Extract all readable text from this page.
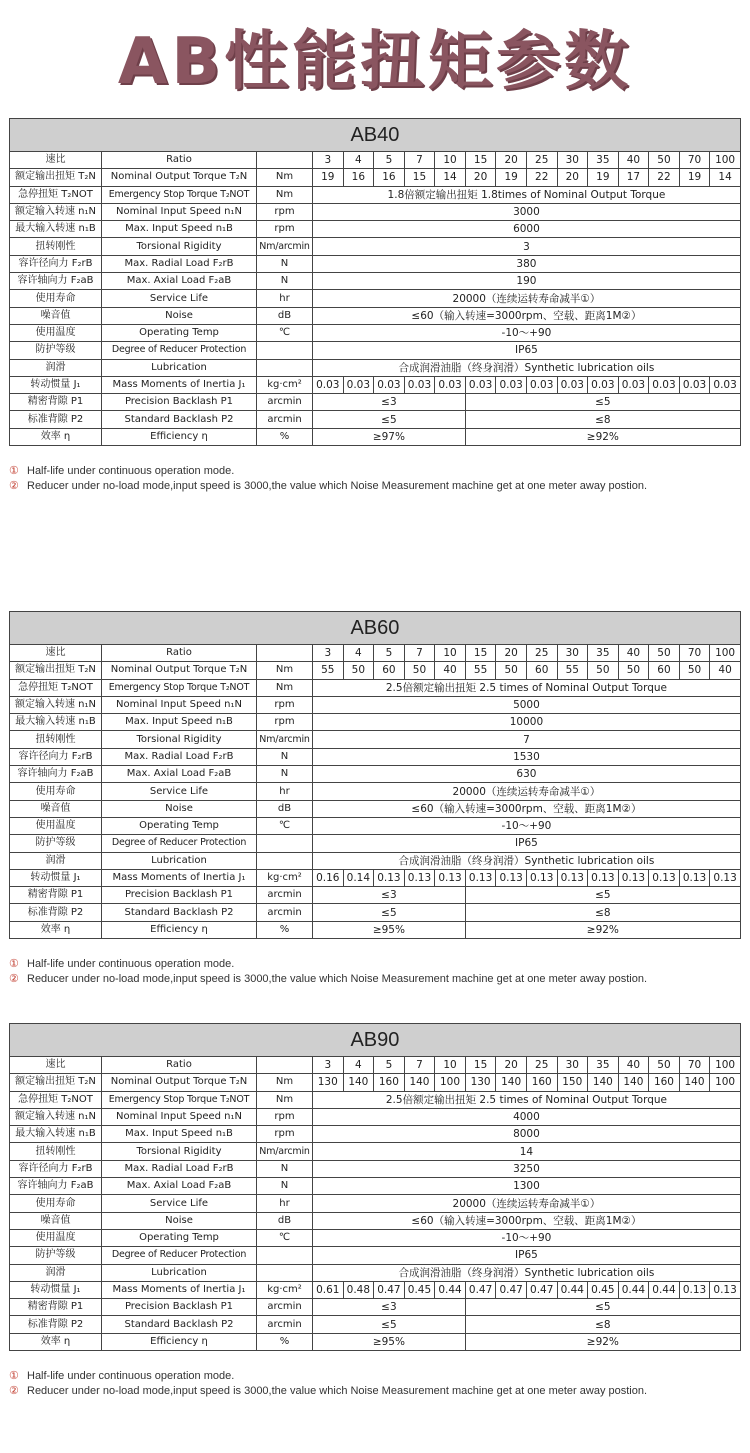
AB性能扭矩参数
AB40																
速比	Ratio		3	4	5	7	10	15	20	25	30	35	40	50	70	100
额定输出扭矩 T₂N	Nominal Output Torque T₂N	Nm	19	16	16	15	14	20	19	22	20	19	17	22	19	14
急停扭矩 T₂NOT	Emergency Stop Torque T₂NOT	Nm	1.8倍额定输出扭矩 1.8times of Nominal Output Torque													
额定输入转速 n₁N	Nominal Input Speed n₁N	rpm	3000													
最大输入转速 n₁B	Max. Input Speed n₁B	rpm	6000													
扭转刚性	Torsional Rigidity	Nm/arcmin	3													
容许径向力 F₂rB	Max. Radial Load F₂rB	N	380													
容许轴向力 F₂aB	Max. Axial Load F₂aB	N	190													
使用寿命	Service Life	hr	20000（连续运转寿命减半①）													
噪音值	Noise	dB	≤60（输入转速=3000rpm、空载、距离1M②）													
使用温度	Operating Temp	℃	-10～+90													
防护等级	Degree of Reducer Protection		IP65													
润滑	Lubrication		合成润滑油脂（终身润滑）Synthetic lubrication oils													
转动惯量 J₁	Mass Moments of Inertia J₁	kg·cm²	0.03	0.03	0.03	0.03	0.03	0.03	0.03	0.03	0.03	0.03	0.03	0.03	0.03	0.03
精密背隙 P1	Precision Backlash P1	arcmin	≤3					≤5								
标准背隙 P2	Standard Backlash P2	arcmin	≤5					≤8								
效率 η	Efficiency η	%	≥97%					≥92%								
① Half-life under continuous operation mode.
② Reducer under no-load mode,input speed is 3000,the value which Noise Measurement machine get at one meter away postion.
AB60																
速比	Ratio		3	4	5	7	10	15	20	25	30	35	40	50	70	100
额定输出扭矩 T₂N	Nominal Output Torque T₂N	Nm	55	50	60	50	40	55	50	60	55	50	50	60	50	40
急停扭矩 T₂NOT	Emergency Stop Torque T₂NOT	Nm	2.5倍额定输出扭矩 2.5 times of Nominal Output Torque													
额定输入转速 n₁N	Nominal Input Speed n₁N	rpm	5000													
最大输入转速 n₁B	Max. Input Speed n₁B	rpm	10000													
扭转刚性	Torsional Rigidity	Nm/arcmin	7													
容许径向力 F₂rB	Max. Radial Load F₂rB	N	1530													
容许轴向力 F₂aB	Max. Axial Load F₂aB	N	630													
使用寿命	Service Life	hr	20000（连续运转寿命减半①）													
噪音值	Noise	dB	≤60（输入转速=3000rpm、空载、距离1M②）													
使用温度	Operating Temp	℃	-10～+90													
防护等级	Degree of Reducer Protection		IP65													
润滑	Lubrication		合成润滑油脂（终身润滑）Synthetic lubrication oils													
转动惯量 J₁	Mass Moments of Inertia J₁	kg·cm²	0.16	0.14	0.13	0.13	0.13	0.13	0.13	0.13	0.13	0.13	0.13	0.13	0.13	0.13
精密背隙 P1	Precision Backlash P1	arcmin	≤3					≤5								
标准背隙 P2	Standard Backlash P2	arcmin	≤5					≤8								
效率 η	Efficiency η	%	≥95%					≥92%								
① Half-life under continuous operation mode.
② Reducer under no-load mode,input speed is 3000,the value which Noise Measurement machine get at one meter away postion.
AB90																
速比	Ratio		3	4	5	7	10	15	20	25	30	35	40	50	70	100
额定输出扭矩 T₂N	Nominal Output Torque T₂N	Nm	130	140	160	140	100	130	140	160	150	140	140	160	140	100
急停扭矩 T₂NOT	Emergency Stop Torque T₂NOT	Nm	2.5倍额定输出扭矩 2.5 times of Nominal Output Torque													
额定输入转速 n₁N	Nominal Input Speed n₁N	rpm	4000													
最大输入转速 n₁B	Max. Input Speed n₁B	rpm	8000													
扭转刚性	Torsional Rigidity	Nm/arcmin	14													
容许径向力 F₂rB	Max. Radial Load F₂rB	N	3250													
容许轴向力 F₂aB	Max. Axial Load F₂aB	N	1300													
使用寿命	Service Life	hr	20000（连续运转寿命减半①）													
噪音值	Noise	dB	≤60（输入转速=3000rpm、空载、距离1M②）													
使用温度	Operating Temp	℃	-10～+90													
防护等级	Degree of Reducer Protection		IP65													
润滑	Lubrication		合成润滑油脂（终身润滑）Synthetic lubrication oils													
转动惯量 J₁	Mass Moments of Inertia J₁	kg·cm²	0.61	0.48	0.47	0.45	0.44	0.47	0.47	0.47	0.44	0.45	0.44	0.44	0.13	0.13
精密背隙 P1	Precision Backlash P1	arcmin	≤3					≤5								
标准背隙 P2	Standard Backlash P2	arcmin	≤5					≤8								
效率 η	Efficiency η	%	≥95%					≥92%								
① Half-life under continuous operation mode.
② Reducer under no-load mode,input speed is 3000,the value which Noise Measurement machine get at one meter away postion.
